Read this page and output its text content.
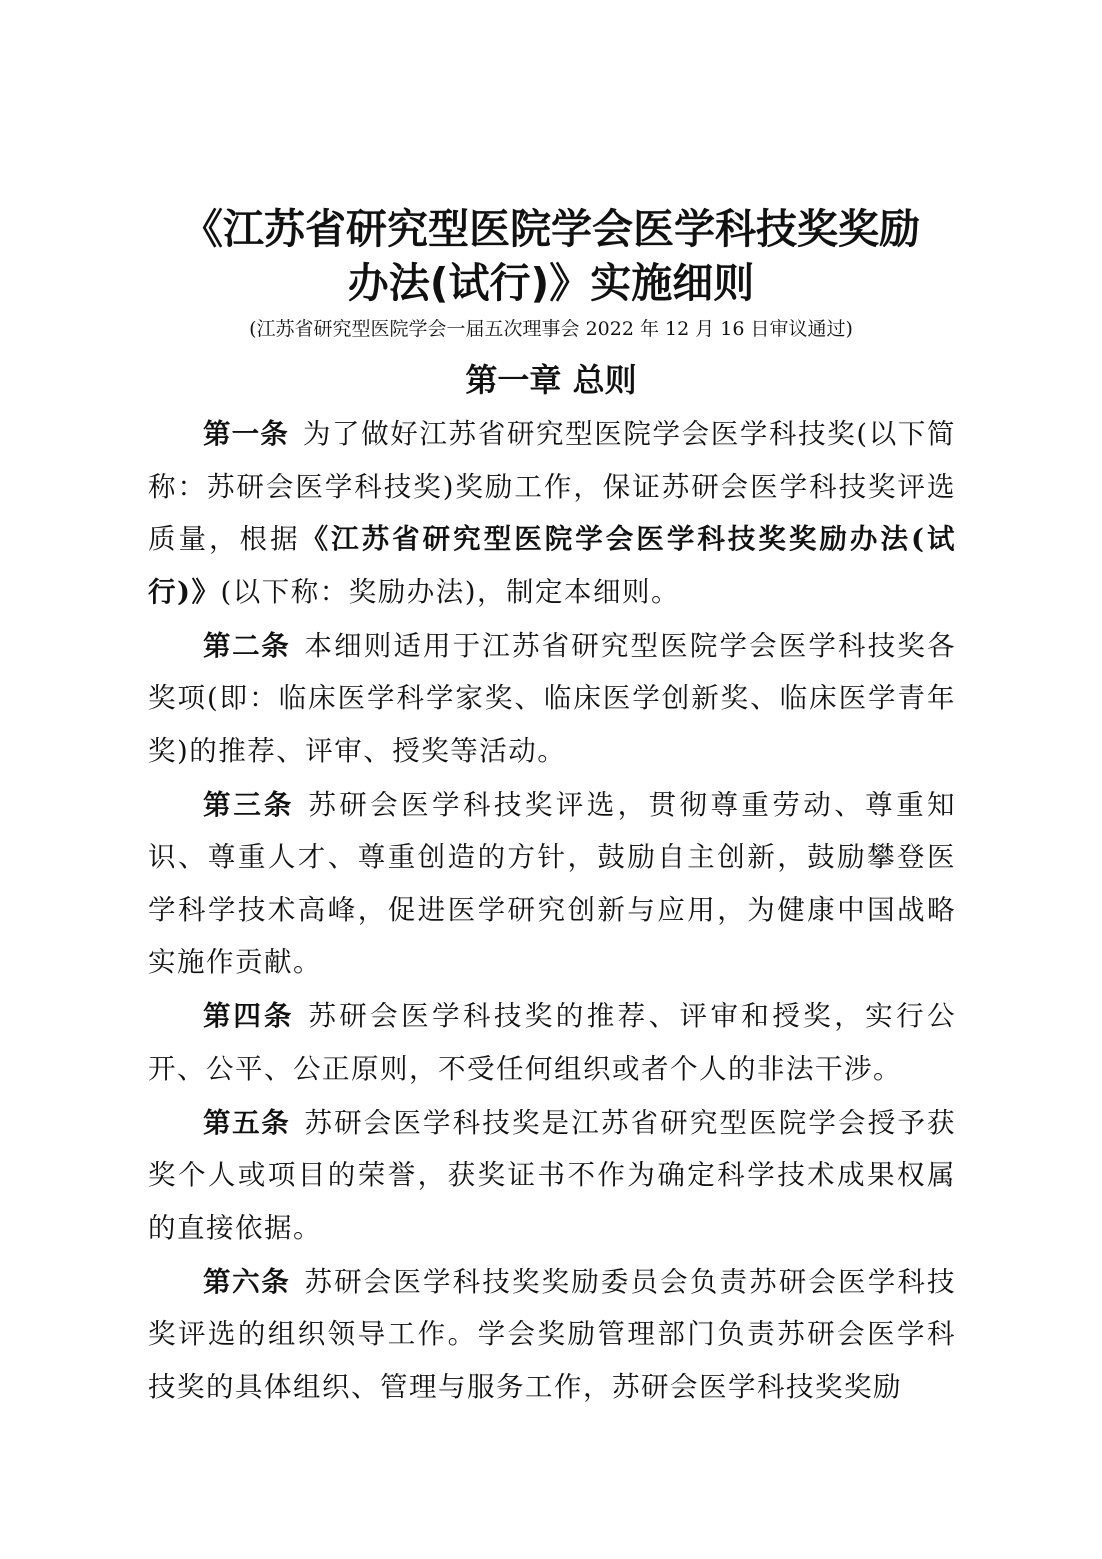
《江苏省研究型医院学会医学科技奖奖励
办法(试行)》实施细则
(江苏省研究型医院学会一届五次理事会 2022 年 12 月 16 日审议通过)
第一章 总则

第一条 为了做好江苏省研究型医院学会医学科技奖(以下简称：苏研会医学科技奖)奖励工作，保证苏研会医学科技奖评选质量，根据《江苏省研究型医院学会医学科技奖奖励办法(试行)》(以下称：奖励办法)，制定本细则。

第二条 本细则适用于江苏省研究型医院学会医学科技奖各奖项(即：临床医学科学家奖、临床医学创新奖、临床医学青年奖)的推荐、评审、授奖等活动。

第三条 苏研会医学科技奖评选，贯彻尊重劳动、尊重知识、尊重人才、尊重创造的方针，鼓励自主创新，鼓励攀登医学科学技术高峰，促进医学研究创新与应用，为健康中国战略实施作贡献。

第四条 苏研会医学科技奖的推荐、评审和授奖，实行公开、公平、公正原则，不受任何组织或者个人的非法干涉。

第五条 苏研会医学科技奖是江苏省研究型医院学会授予获奖个人或项目的荣誉，获奖证书不作为确定科学技术成果权属的直接依据。

第六条 苏研会医学科技奖奖励委员会负责苏研会医学科技奖评选的组织领导工作。学会奖励管理部门负责苏研会医学科技奖的具体组织、管理与服务工作，苏研会医学科技奖奖励
